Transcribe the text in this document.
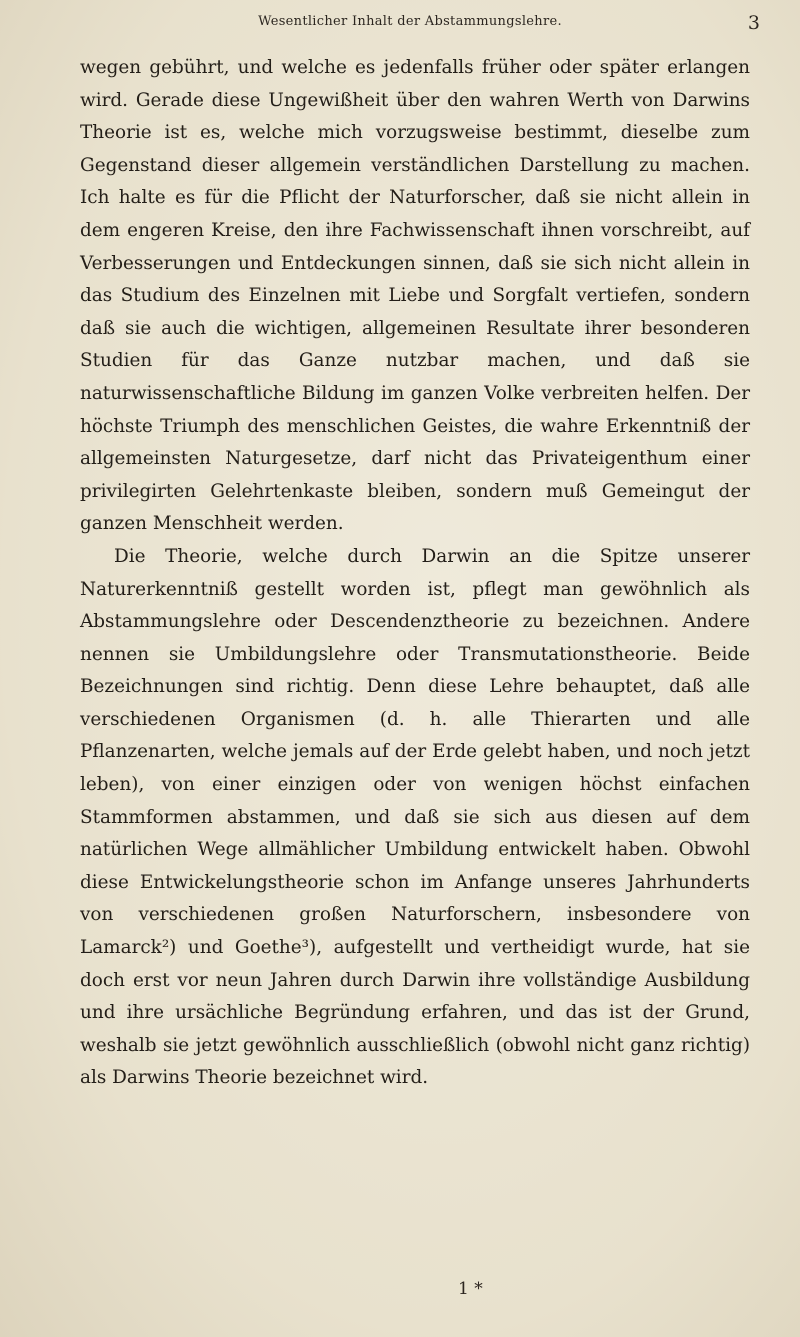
Wesentlicher Inhalt der Abstammungslehre.	3

wegen gebührt, und welche es jedenfalls früher oder später erlangen wird. Gerade diese Ungewißheit über den wahren Werth von Darwins Theorie ist es, welche mich vorzugsweise bestimmt, dieselbe zum Gegenstand dieser allgemein verständlichen Darstellung zu machen. Ich halte es für die Pflicht der Naturforscher, daß sie nicht allein in dem engeren Kreise, den ihre Fachwissenschaft ihnen vorschreibt, auf Verbesserungen und Entdeckungen sinnen, daß sie sich nicht allein in das Studium des Einzelnen mit Liebe und Sorgfalt vertiefen, sondern daß sie auch die wichtigen, allgemeinen Resultate ihrer besonderen Studien für das Ganze nutzbar machen, und daß sie naturwissenschaftliche Bildung im ganzen Volke verbreiten helfen. Der höchste Triumph des menschlichen Geistes, die wahre Erkenntniß der allgemeinsten Naturgesetze, darf nicht das Privateigenthum einer privilegirten Gelehrtenkaste bleiben, sondern muß Gemeingut der ganzen Menschheit werden.

Die Theorie, welche durch Darwin an die Spitze unserer Naturerkenntniß gestellt worden ist, pflegt man gewöhnlich als Abstammungslehre oder Descendenztheorie zu bezeichnen. Andere nennen sie Umbildungslehre oder Transmutationstheorie. Beide Bezeichnungen sind richtig. Denn diese Lehre behauptet, daß alle verschiedenen Organismen (d. h. alle Thierarten und alle Pflanzenarten, welche jemals auf der Erde gelebt haben, und noch jetzt leben), von einer einzigen oder von wenigen höchst einfachen Stammformen abstammen, und daß sie sich aus diesen auf dem natürlichen Wege allmählicher Umbildung entwickelt haben. Obwohl diese Entwickelungstheorie schon im Anfange unseres Jahrhunderts von verschiedenen großen Naturforschern, insbesondere von Lamarck²) und Goethe³), aufgestellt und vertheidigt wurde, hat sie doch erst vor neun Jahren durch Darwin ihre vollständige Ausbildung und ihre ursächliche Begründung erfahren, und das ist der Grund, weshalb sie jetzt gewöhnlich ausschließlich (obwohl nicht ganz richtig) als Darwins Theorie bezeichnet wird.

1 *
